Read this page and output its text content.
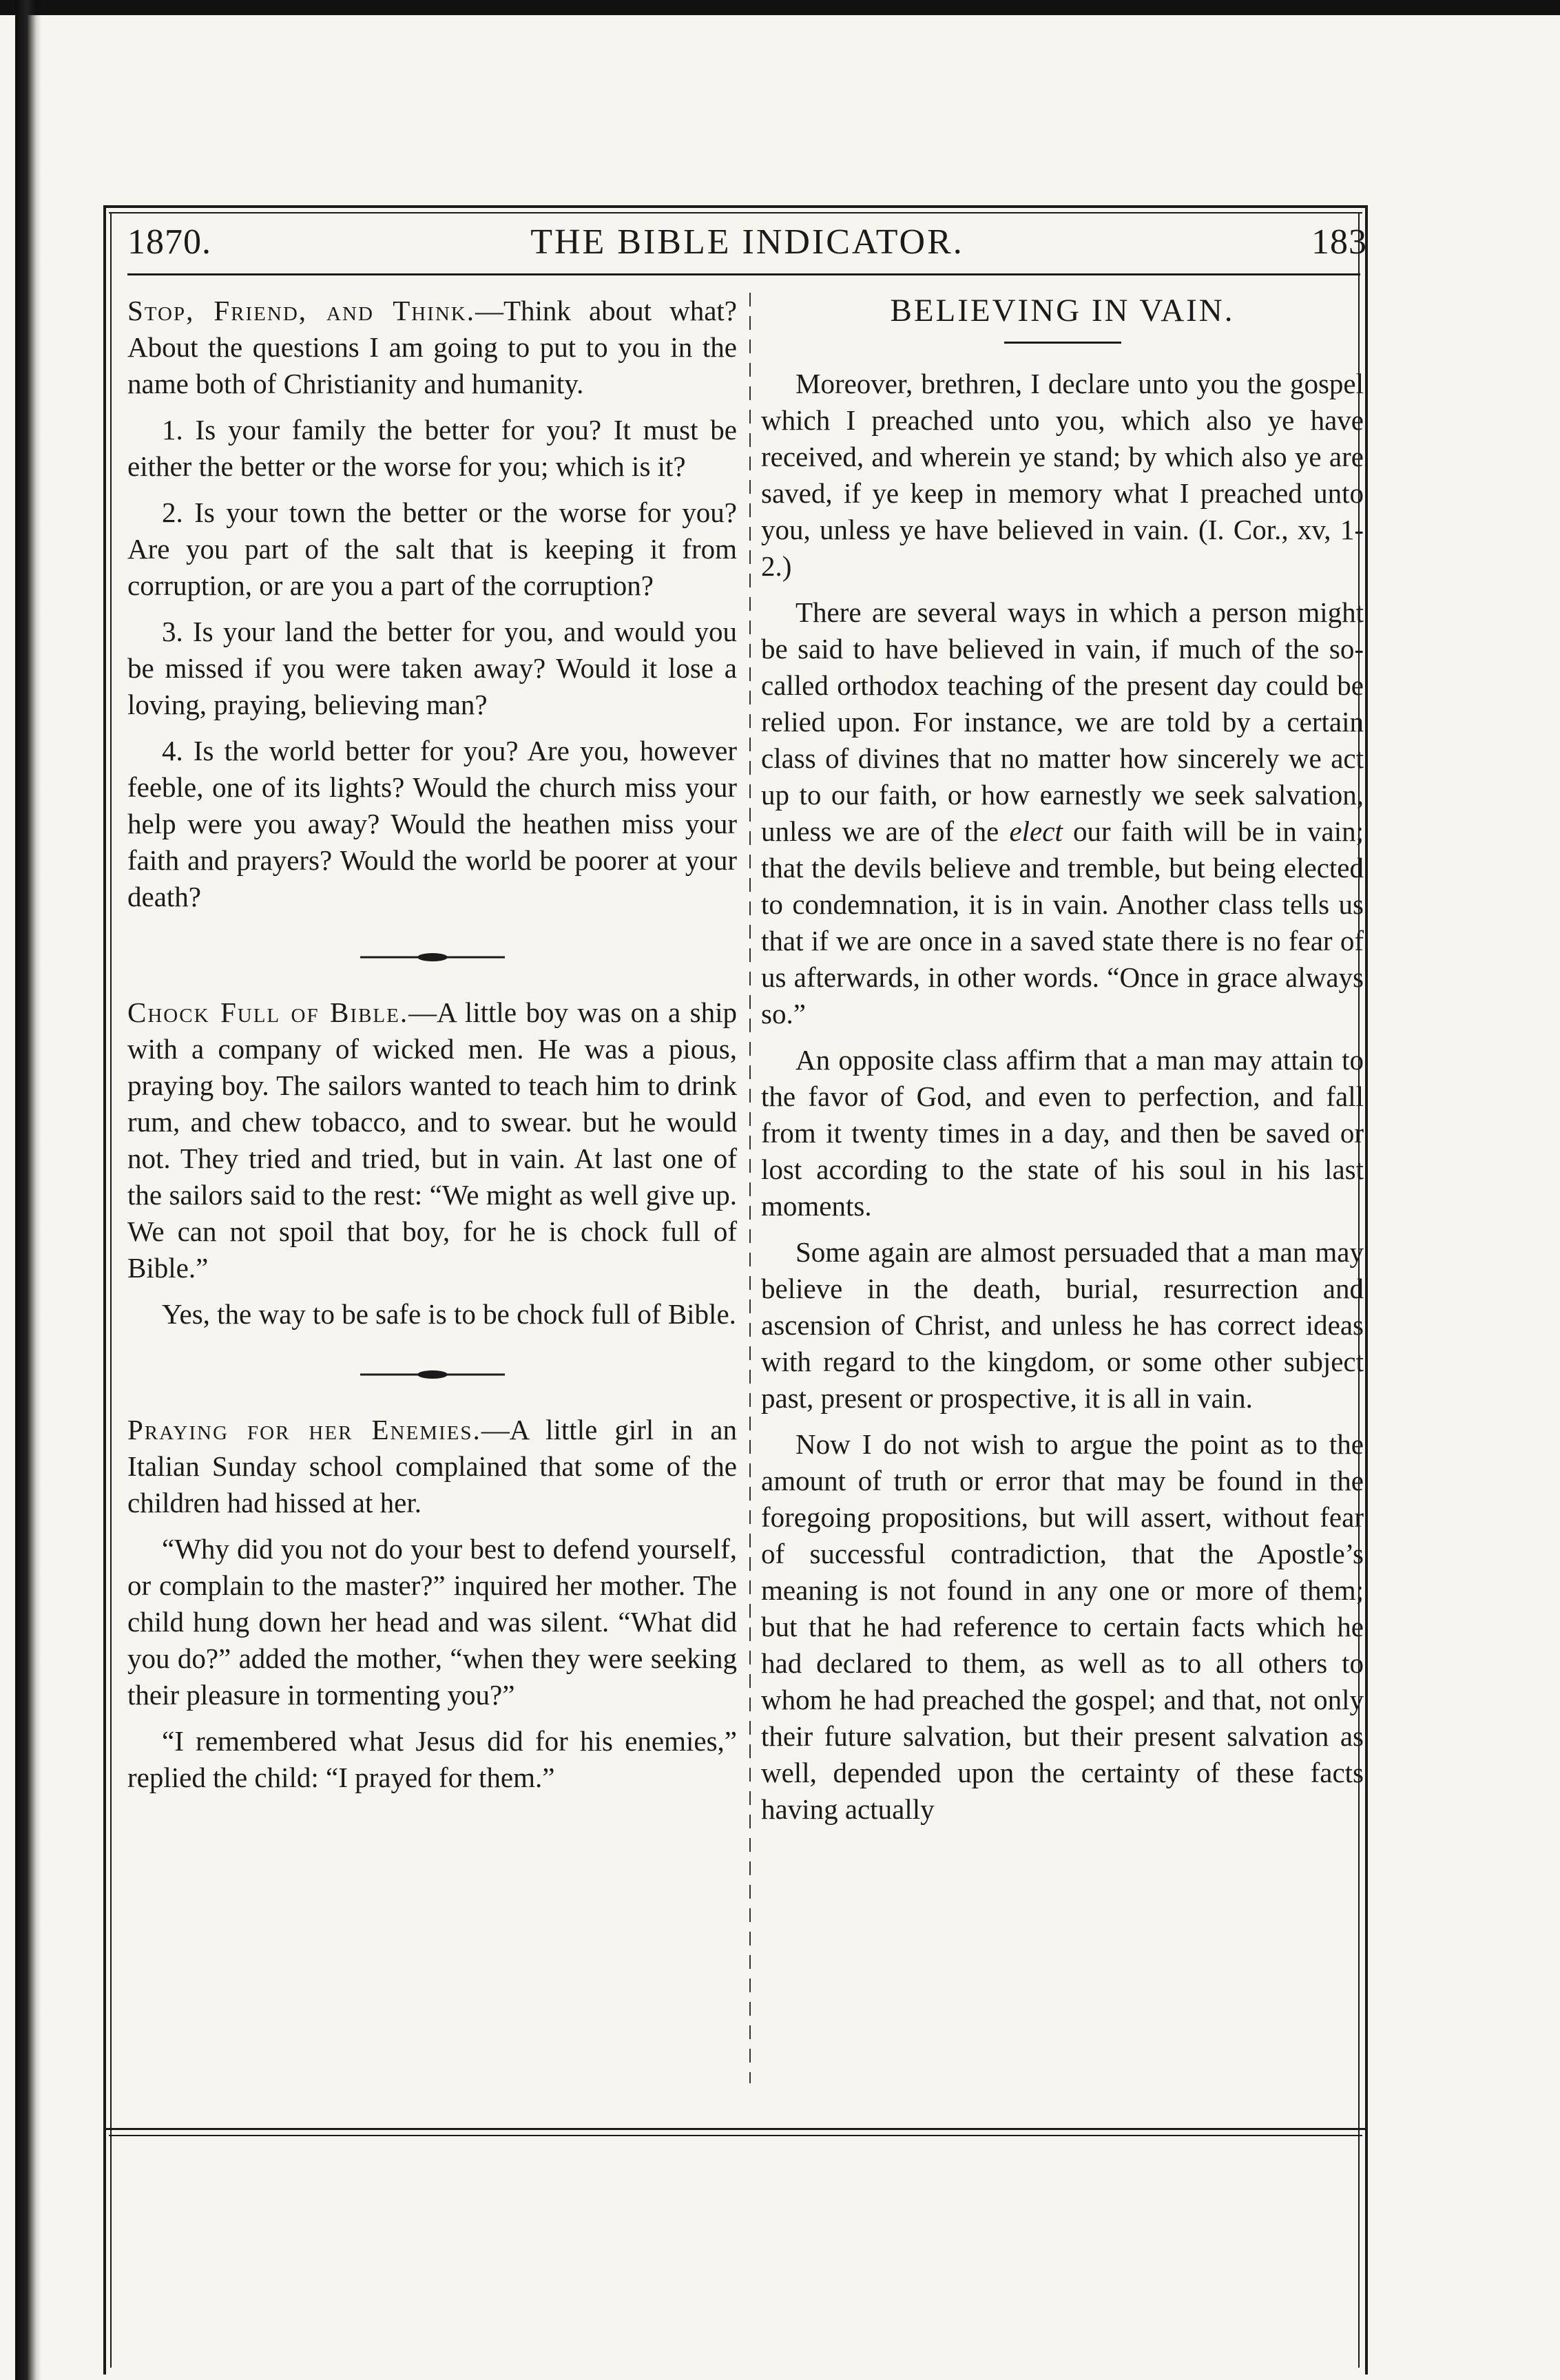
1870.	THE BIBLE INDICATOR.	183

Stop, Friend, and Think.—Think about what? About the questions I am going to put to you in the name both of Christianity and humanity.

1. Is your family the better for you? It must be either the better or the worse for you; which is it?

2. Is your town the better or the worse for you? Are you part of the salt that is keeping it from corruption, or are you a part of the corruption?

3. Is your land the better for you, and would you be missed if you were taken away? Would it lose a loving, praying, believing man?

4. Is the world better for you? Are you, however feeble, one of its lights? Would the church miss your help were you away? Would the heathen miss your faith and prayers? Would the world be poorer at your death?

Chock Full of Bible.—A little boy was on a ship with a company of wicked men. He was a pious, praying boy. The sailors wanted to teach him to drink rum, and chew tobacco, and to swear. but he would not. They tried and tried, but in vain. At last one of the sailors said to the rest: “We might as well give up. We can not spoil that boy, for he is chock full of Bible.”

Yes, the way to be safe is to be chock full of Bible.

Praying for her Enemies.—A little girl in an Italian Sunday school complained that some of the children had hissed at her.

“Why did you not do your best to defend yourself, or complain to the master?” inquired her mother. The child hung down her head and was silent. “What did you do?” added the mother, “when they were seeking their pleasure in tormenting you?”

“I remembered what Jesus did for his enemies,” replied the child: “I prayed for them.”

BELIEVING IN VAIN.

Moreover, brethren, I declare unto you the gospel which I preached unto you, which also ye have received, and wherein ye stand; by which also ye are saved, if ye keep in memory what I preached unto you, unless ye have believed in vain. (I. Cor., xv, 1-2.)

There are several ways in which a person might be said to have believed in vain, if much of the so-called orthodox teaching of the present day could be relied upon. For instance, we are told by a certain class of divines that no matter how sincerely we act up to our faith, or how earnestly we seek salvation, unless we are of the elect our faith will be in vain; that the devils believe and tremble, but being elected to condemnation, it is in vain. Another class tells us that if we are once in a saved state there is no fear of us afterwards, in other words. “Once in grace always so.”

An opposite class affirm that a man may attain to the favor of God, and even to perfection, and fall from it twenty times in a day, and then be saved or lost according to the state of his soul in his last moments.

Some again are almost persuaded that a man may believe in the death, burial, resurrection and ascension of Christ, and unless he has correct ideas with regard to the kingdom, or some other subject past, present or prospective, it is all in vain.

Now I do not wish to argue the point as to the amount of truth or error that may be found in the foregoing propositions, but will assert, without fear of successful contradiction, that the Apostle’s meaning is not found in any one or more of them; but that he had reference to certain facts which he had declared to them, as well as to all others to whom he had preached the gospel; and that, not only their future salvation, but their present salvation as well, depended upon the certainty of these facts having actually
